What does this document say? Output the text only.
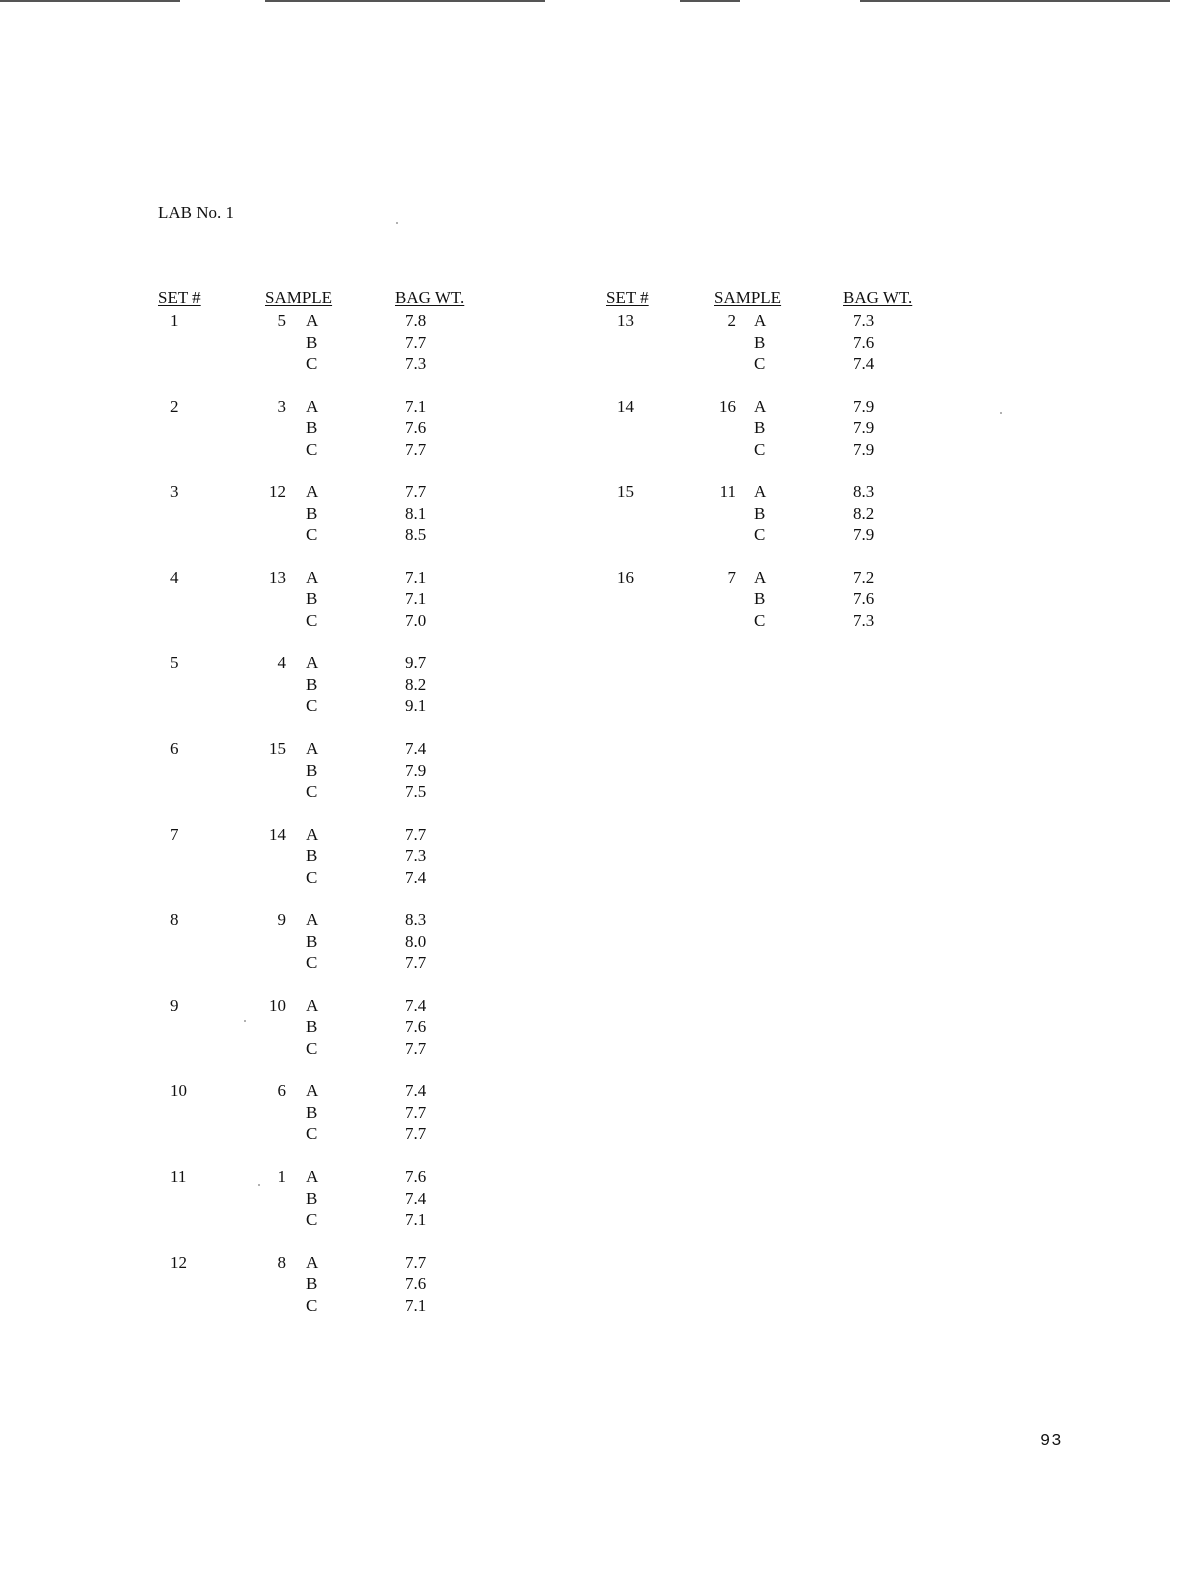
LAB No. 1
SET #	SAMPLE	BAG WT.	SET #	SAMPLE	BAG WT.
1	5 A	7.8
B	7.7
C	7.3
2	3 A	7.1
B	7.6
C	7.7
3	12 A	7.7
B	8.1
C	8.5
4	13 A	7.1
B	7.1
C	7.0
5	4 A	9.7
B	8.2
C	9.1
6	15 A	7.4
B	7.9
C	7.5
7	14 A	7.7
B	7.3
C	7.4
8	9 A	8.3
B	8.0
C	7.7
9	10 A	7.4
B	7.6
C	7.7
10	6 A	7.4
B	7.7
C	7.7
11	1 A	7.6
B	7.4
C	7.1
12	8 A	7.7
B	7.6
C	7.1
13	2 A	7.3
B	7.6
C	7.4
14	16 A	7.9
B	7.9
C	7.9
15	11 A	8.3
B	8.2
C	7.9
16	7 A	7.2
B	7.6
C	7.3
93
